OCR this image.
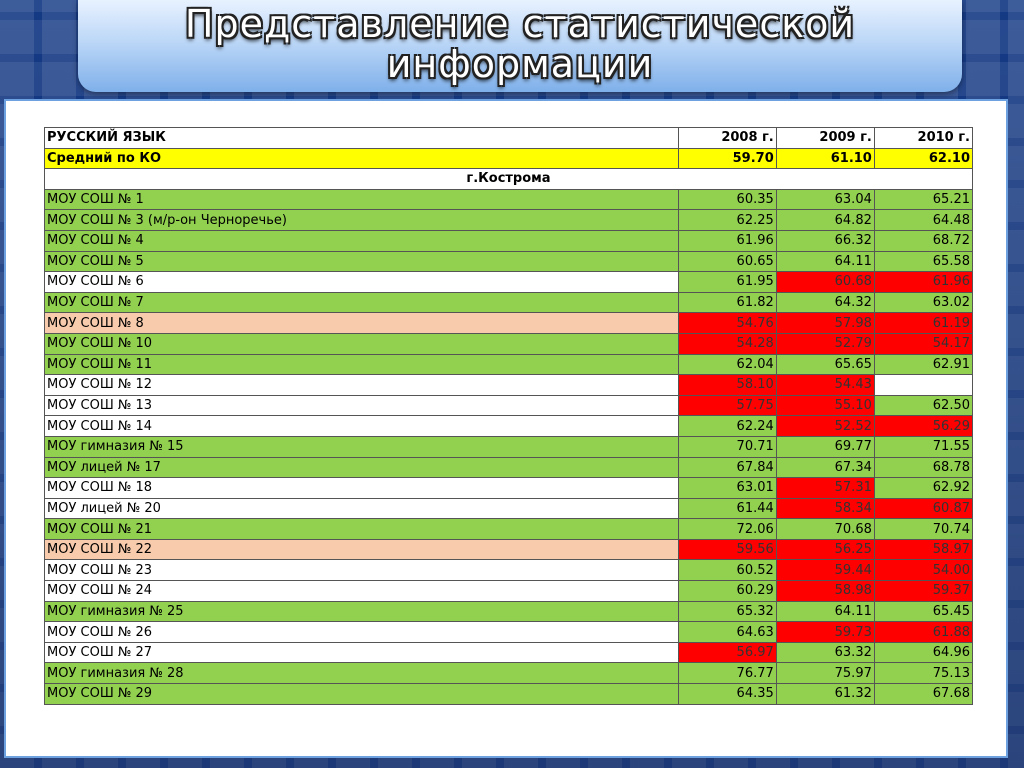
Представление статистической
информации
РУССКИЙ ЯЗЫК	2008 г.	2009 г.	2010 г.
Средний по КО	59.70	61.10	62.10
г.Кострома			
МОУ СОШ № 1	60.35	63.04	65.21
МОУ СОШ № 3 (м/р-он Черноречье)	62.25	64.82	64.48
МОУ СОШ № 4	61.96	66.32	68.72
МОУ СОШ № 5	60.65	64.11	65.58
МОУ СОШ № 6	61.95	60.68	61.96
МОУ СОШ № 7	61.82	64.32	63.02
МОУ СОШ № 8	54.76	57.98	61.19
МОУ СОШ № 10	54.28	52.79	54.17
МОУ СОШ № 11	62.04	65.65	62.91
МОУ СОШ № 12	58.10	54.43	
МОУ СОШ № 13	57.75	55.10	62.50
МОУ СОШ № 14	62.24	52.52	56.29
МОУ гимназия № 15	70.71	69.77	71.55
МОУ лицей № 17	67.84	67.34	68.78
МОУ СОШ № 18	63.01	57.31	62.92
МОУ лицей № 20	61.44	58.34	60.87
МОУ СОШ № 21	72.06	70.68	70.74
МОУ СОШ № 22	59.56	56.25	58.97
МОУ СОШ № 23	60.52	59.44	54.00
МОУ СОШ № 24	60.29	58.98	59.37
МОУ гимназия № 25	65.32	64.11	65.45
МОУ СОШ № 26	64.63	59.73	61.88
МОУ СОШ № 27	56.97	63.32	64.96
МОУ гимназия № 28	76.77	75.97	75.13
МОУ СОШ № 29	64.35	61.32	67.68
